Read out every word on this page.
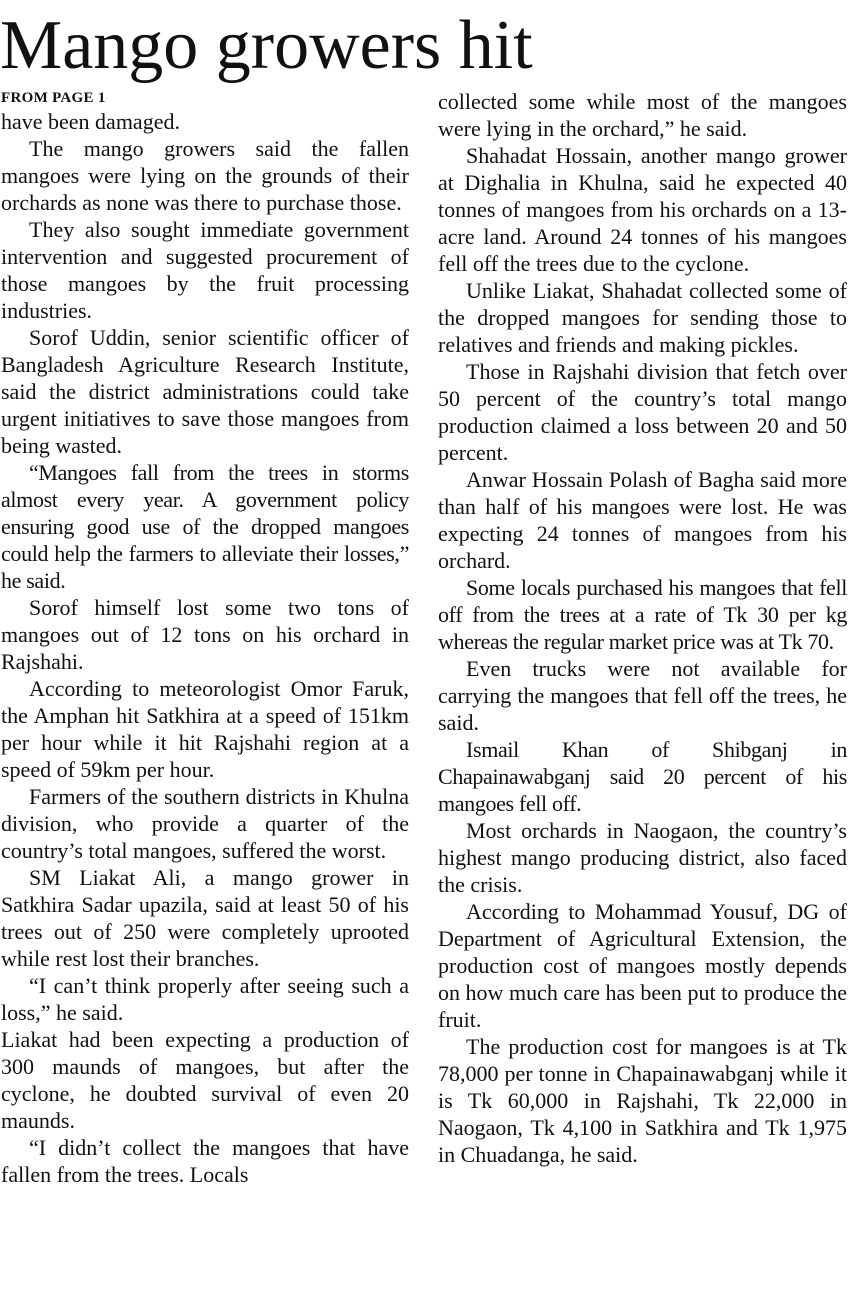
Mango growers hit
FROM PAGE 1

have been damaged.

The mango growers said the fallen mangoes were lying on the grounds of their orchards as none was there to purchase those.

They also sought immediate government intervention and suggested procurement of those mangoes by the fruit processing industries.

Sorof Uddin, senior scientific officer of Bangladesh Agriculture Research Institute, said the district administrations could take urgent initiatives to save those mangoes from being wasted.

“Mangoes fall from the trees in storms almost every year. A government policy ensuring good use of the dropped mangoes could help the farmers to alleviate their losses,” he said.

Sorof himself lost some two tons of mangoes out of 12 tons on his orchard in Rajshahi.

According to meteorologist Omor Faruk, the Amphan hit Satkhira at a speed of 151km per hour while it hit Rajshahi region at a speed of 59km per hour.

Farmers of the southern districts in Khulna division, who provide a quarter of the country’s total mangoes, suffered the worst.

SM Liakat Ali, a mango grower in Satkhira Sadar upazila, said at least 50 of his trees out of 250 were completely uprooted while rest lost their branches.

“I can’t think properly after seeing such a loss,” he said.

Liakat had been expecting a production of 300 maunds of mangoes, but after the cyclone, he doubted survival of even 20 maunds.

“I didn’t collect the mangoes that have fallen from the trees. Locals

collected some while most of the mangoes were lying in the orchard,” he said.

Shahadat Hossain, another mango grower at Dighalia in Khulna, said he expected 40 tonnes of mangoes from his orchards on a 13-acre land. Around 24 tonnes of his mangoes fell off the trees due to the cyclone.

Unlike Liakat, Shahadat collected some of the dropped mangoes for sending those to relatives and friends and making pickles.

Those in Rajshahi division that fetch over 50 percent of the country’s total mango production claimed a loss between 20 and 50 percent.

Anwar Hossain Polash of Bagha said more than half of his mangoes were lost. He was expecting 24 tonnes of mangoes from his orchard.

Some locals purchased his mangoes that fell off from the trees at a rate of Tk 30 per kg whereas the regular market price was at Tk 70.

Even trucks were not available for carrying the mangoes that fell off the trees, he said.

Ismail Khan of Shibganj in Chapainawabganj said 20 percent of his mangoes fell off.

Most orchards in Naogaon, the country’s highest mango producing district, also faced the crisis.

According to Mohammad Yousuf, DG of Department of Agricultural Extension, the production cost of mangoes mostly depends on how much care has been put to produce the fruit.

The production cost for mangoes is at Tk 78,000 per tonne in Chapainawabganj while it is Tk 60,000 in Rajshahi, Tk 22,000 in Naogaon, Tk 4,100 in Satkhira and Tk 1,975 in Chuadanga, he said.
